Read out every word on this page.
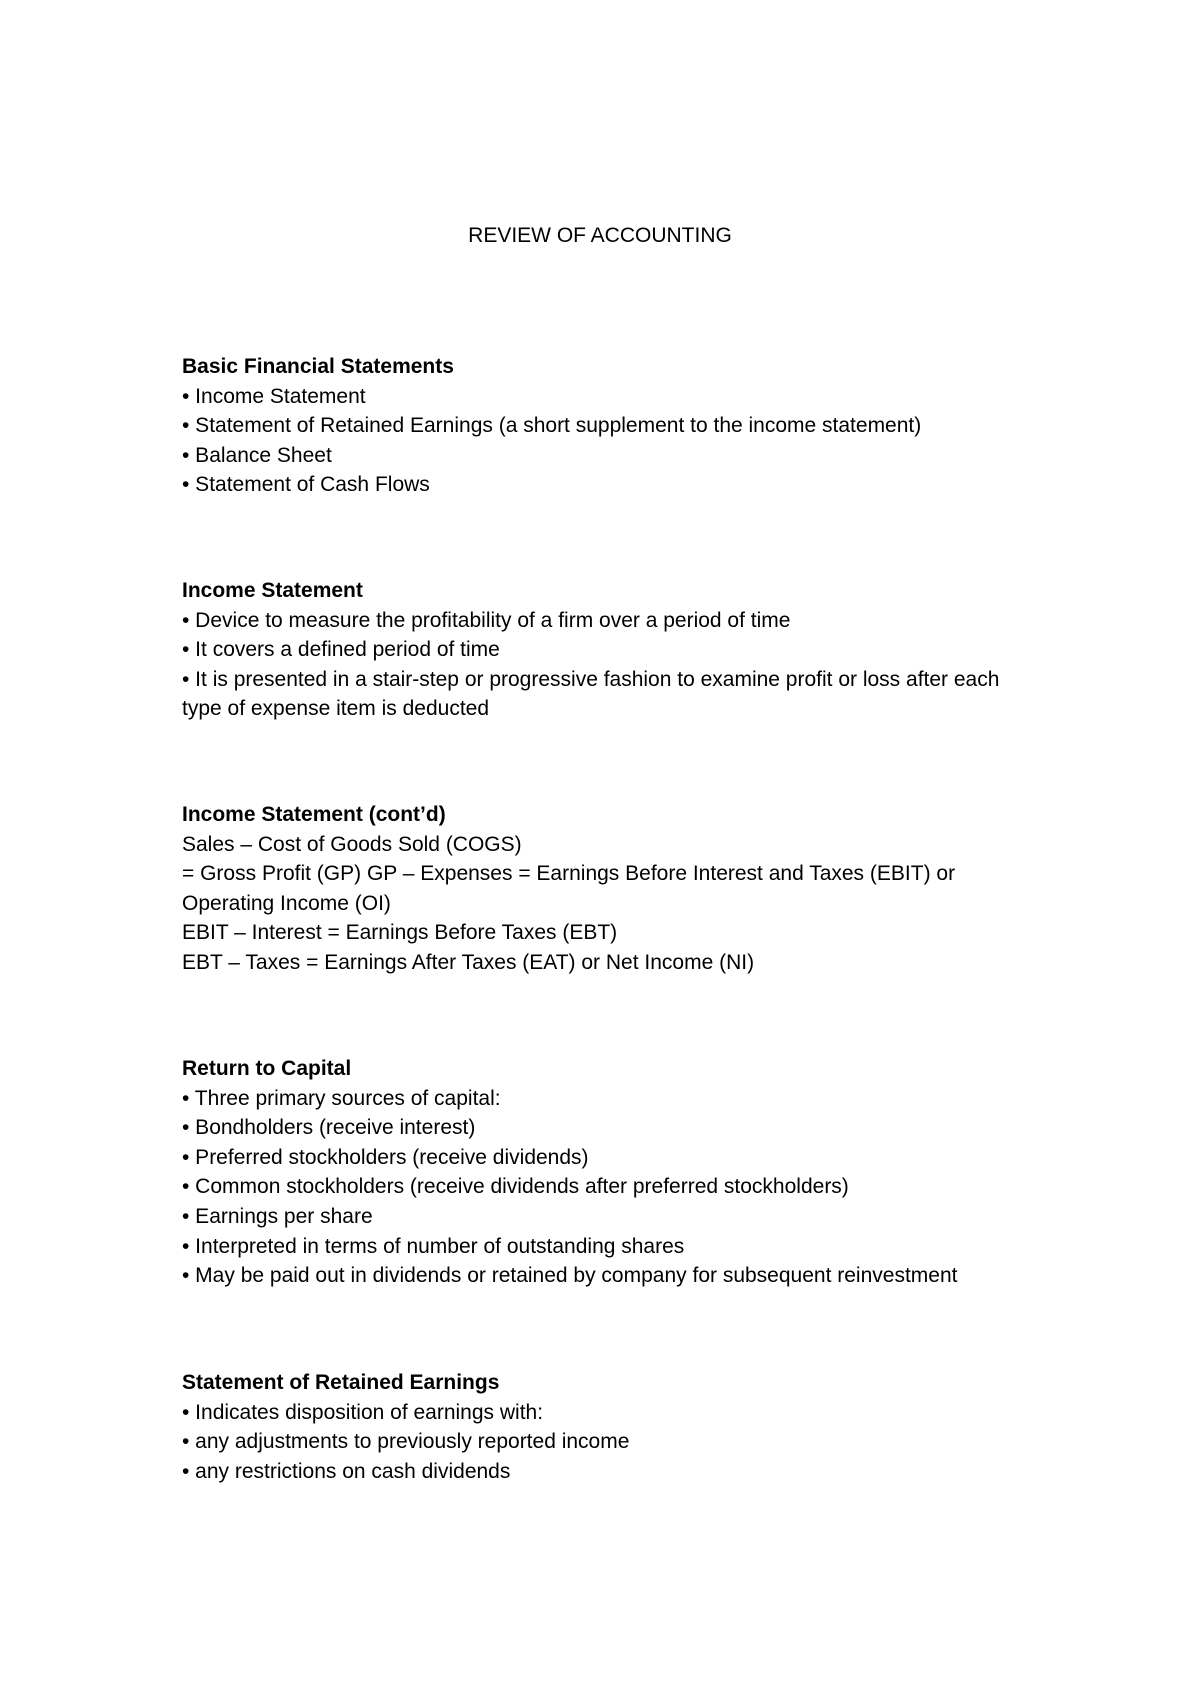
REVIEW OF ACCOUNTING
Basic Financial Statements
• Income Statement
• Statement of Retained Earnings (a short supplement to the income statement)
• Balance Sheet
• Statement of Cash Flows
Income Statement
• Device to measure the profitability of a firm over a period of time
• It covers a defined period of time
• It is presented in a stair-step or progressive fashion to examine profit or loss after each type of expense item is deducted
Income Statement (cont’d)
Sales – Cost of Goods Sold (COGS)
= Gross Profit (GP) GP – Expenses = Earnings Before Interest and Taxes (EBIT) or Operating Income (OI)
EBIT – Interest = Earnings Before Taxes (EBT)
EBT – Taxes = Earnings After Taxes (EAT) or Net Income (NI)
Return to Capital
• Three primary sources of capital:
• Bondholders (receive interest)
• Preferred stockholders (receive dividends)
• Common stockholders (receive dividends after preferred stockholders)
• Earnings per share
• Interpreted in terms of number of outstanding shares
• May be paid out in dividends or retained by company for subsequent reinvestment
Statement of Retained Earnings
• Indicates disposition of earnings with:
• any adjustments to previously reported income
• any restrictions on cash dividends
